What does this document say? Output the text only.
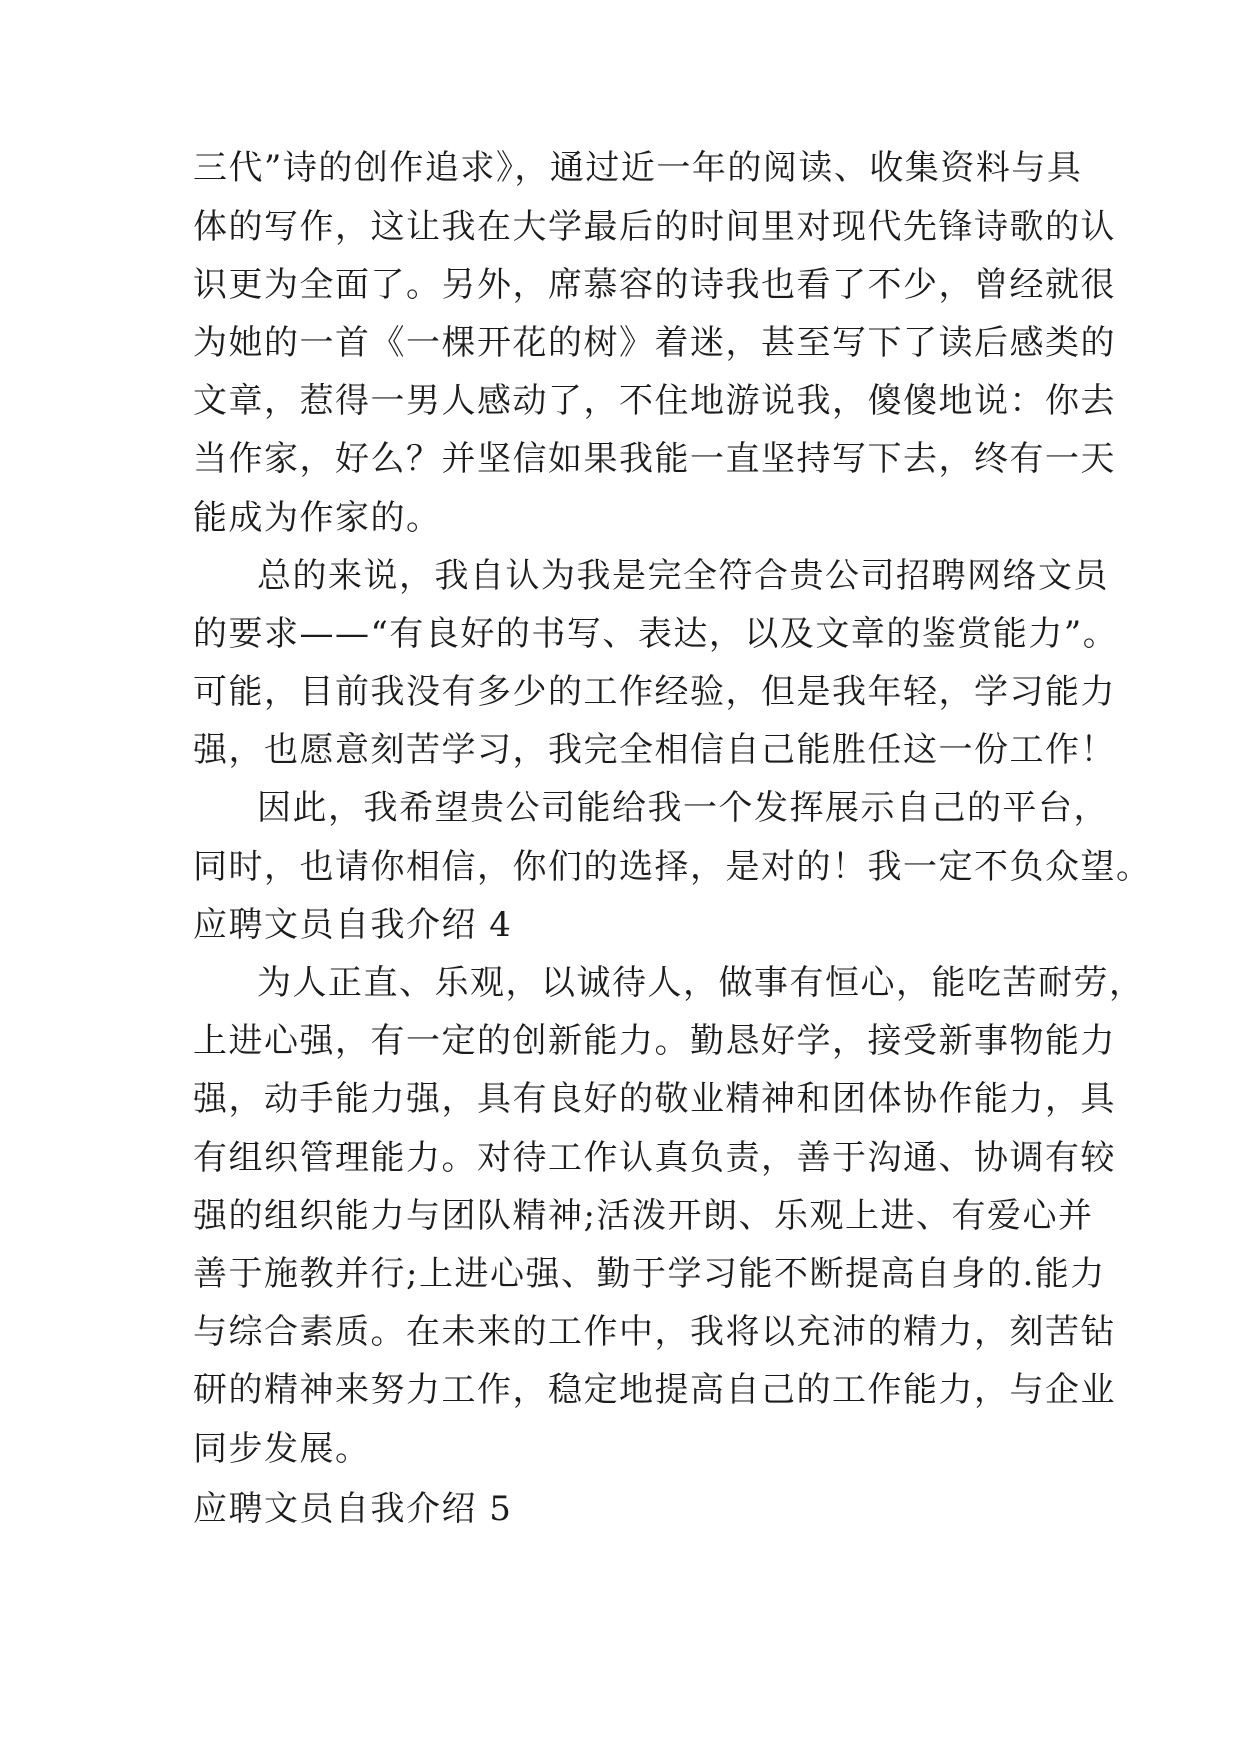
三代”诗的创作追求》，通过近一年的阅读、收集资料与具
体的写作，这让我在大学最后的时间里对现代先锋诗歌的认
识更为全面了。另外，席慕容的诗我也看了不少，曾经就很
为她的一首《一棵开花的树》着迷，甚至写下了读后感类的
文章，惹得一男人感动了，不住地游说我，傻傻地说：你去
当作家，好么？并坚信如果我能一直坚持写下去，终有一天
能成为作家的。
总的来说，我自认为我是完全符合贵公司招聘网络文员
的要求——“有良好的书写、表达，以及文章的鉴赏能力”。
可能，目前我没有多少的工作经验，但是我年轻，学习能力
强，也愿意刻苦学习，我完全相信自己能胜任这一份工作！
因此，我希望贵公司能给我一个发挥展示自己的平台，
同时，也请你相信，你们的选择，是对的！我一定不负众望。
应聘文员自我介绍 4
为人正直、乐观，以诚待人，做事有恒心，能吃苦耐劳，
上进心强，有一定的创新能力。勤恳好学，接受新事物能力
强，动手能力强，具有良好的敬业精神和团体协作能力，具
有组织管理能力。对待工作认真负责，善于沟通、协调有较
强的组织能力与团队精神;活泼开朗、乐观上进、有爱心并
善于施教并行;上进心强、勤于学习能不断提高自身的.能力
与综合素质。在未来的工作中，我将以充沛的精力，刻苦钻
研的精神来努力工作，稳定地提高自己的工作能力，与企业
同步发展。
应聘文员自我介绍 5
